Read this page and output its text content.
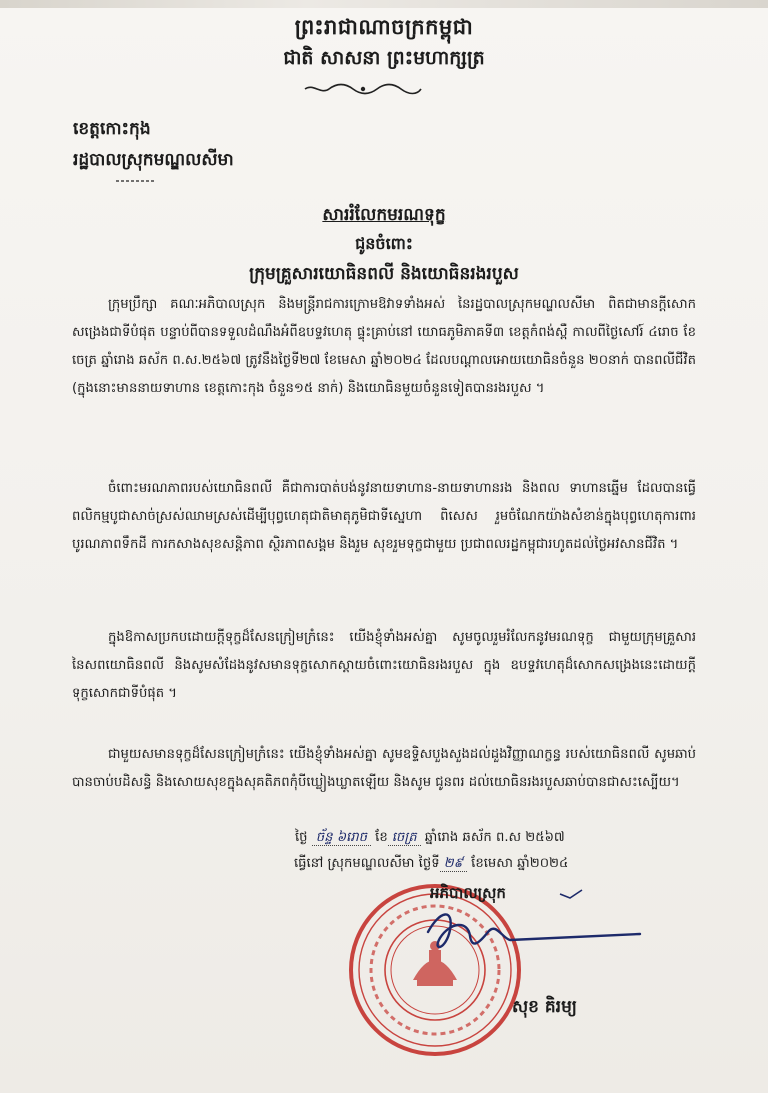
ព្រះរាជាណាចក្រកម្ពុជា
ជាតិ សាសនា ព្រះមហាក្សត្រ
ខេត្តកោះកុង
រដ្ឋបាលស្រុកមណ្ឌលសីមា
សាររំលែកមរណទុក្ខ
ជូនចំពោះ
ក្រុមគ្រួសារយោធិនពលី និងយោធិនរងរបួស

ក្រុមប្រឹក្សា គណៈអភិបាលស្រុក និងមន្ត្រីរាជការក្រោមឱវាទទាំងអស់ នៃរដ្ឋបាលស្រុកមណ្ឌលសីមា ពិតជាមានក្ដីសោកសង្រេងជាទីបំផុត បន្ទាប់ពីបានទទួលដំណឹងអំពីឧបទ្ទវហេតុ ផ្ទុះគ្រាប់នៅ យោធភូមិភាគទី៣ ខេត្តកំពង់ស្ពឺ កាលពីថ្ងៃសៅរ៍ ៤រោច ខែចេត្រ ឆ្នាំរោង ឆស័ក ព.ស.២៥៦៧ ត្រូវនឹងថ្ងៃទី២៧ ខែមេសា ឆ្នាំ២០២៤ ដែលបណ្ដាលអោយយោធិនចំនួន ២០នាក់ បានពលីជីវិត (ក្នុងនោះមាននាយទាហាន ខេត្តកោះកុង ចំនួន១៥ នាក់) និងយោធិនមួយចំនួនទៀតបានរងរបួស ។

ចំពោះមរណភាពរបស់យោធិនពលី គឺជាការបាត់បង់នូវនាយទាហាន-នាយទាហានរង និងពល ទាហានឆ្នើម ដែលបានធ្វើពលិកម្មបូជាសាច់ស្រស់ឈាមស្រស់ដើម្បីបុព្វហេតុជាតិមាតុភូមិជាទីស្នេហា ពិសេស រួមចំណែកយ៉ាងសំខាន់ក្នុងបុព្វហេតុការពារបូរណភាពទឹកដី ការកសាងសុខសន្តិភាព ស្ថិរភាពសង្គម និងរួម សុខរួមទុក្ខជាមួយ ប្រជាពលរដ្ឋកម្ពុជារហូតដល់ថ្ងៃអវសានជីវិត ។

ក្នុងឱកាសប្រកបដោយក្ដីទុក្ខដ៏សែនក្រៀមក្រំនេះ យើងខ្ញុំទាំងអស់គ្នា សូមចូលរួមរំលែកនូវមរណទុក្ខ ជាមួយក្រុមគ្រួសារនៃសពយោធិនពលី និងសូមសំដែងនូវសមានទុក្ខសោកស្ដាយចំពោះយោធិនរងរបួស ក្នុង ឧបទ្ទវហេតុដ៏សោកសង្រេងនេះដោយក្ដីទុក្ខសោកជាទីបំផុត ។

ជាមួយសមានទុក្ខដ៏សែនក្រៀមក្រំនេះ យើងខ្ញុំទាំងអស់គ្នា សូមឧទ្ទិសបួងសួងដល់ដួងវិញ្ញាណក្ខន្ធ របស់យោធិនពលី សូមឆាប់បានចាប់បដិសន្ធិ និងសោយសុខក្នុងសុគតិភពកុំបីឃ្លៀងឃ្លាតឡើយ និងសូម ជូនពរ ដល់យោធិនរងរបួសឆាប់បានជាសះស្បើយ។

ថ្ងៃ ច័ន្ទ ៦រោច ខែ ចេត្រ ឆ្នាំរោង ឆស័ក ព.ស ២៥៦៧
ធ្វើនៅ ស្រុកមណ្ឌលសីមា ថ្ងៃទី ២៩ ខែមេសា ឆ្នាំ២០២៤
អភិបាលស្រុក
សុខ គិរម្យ
